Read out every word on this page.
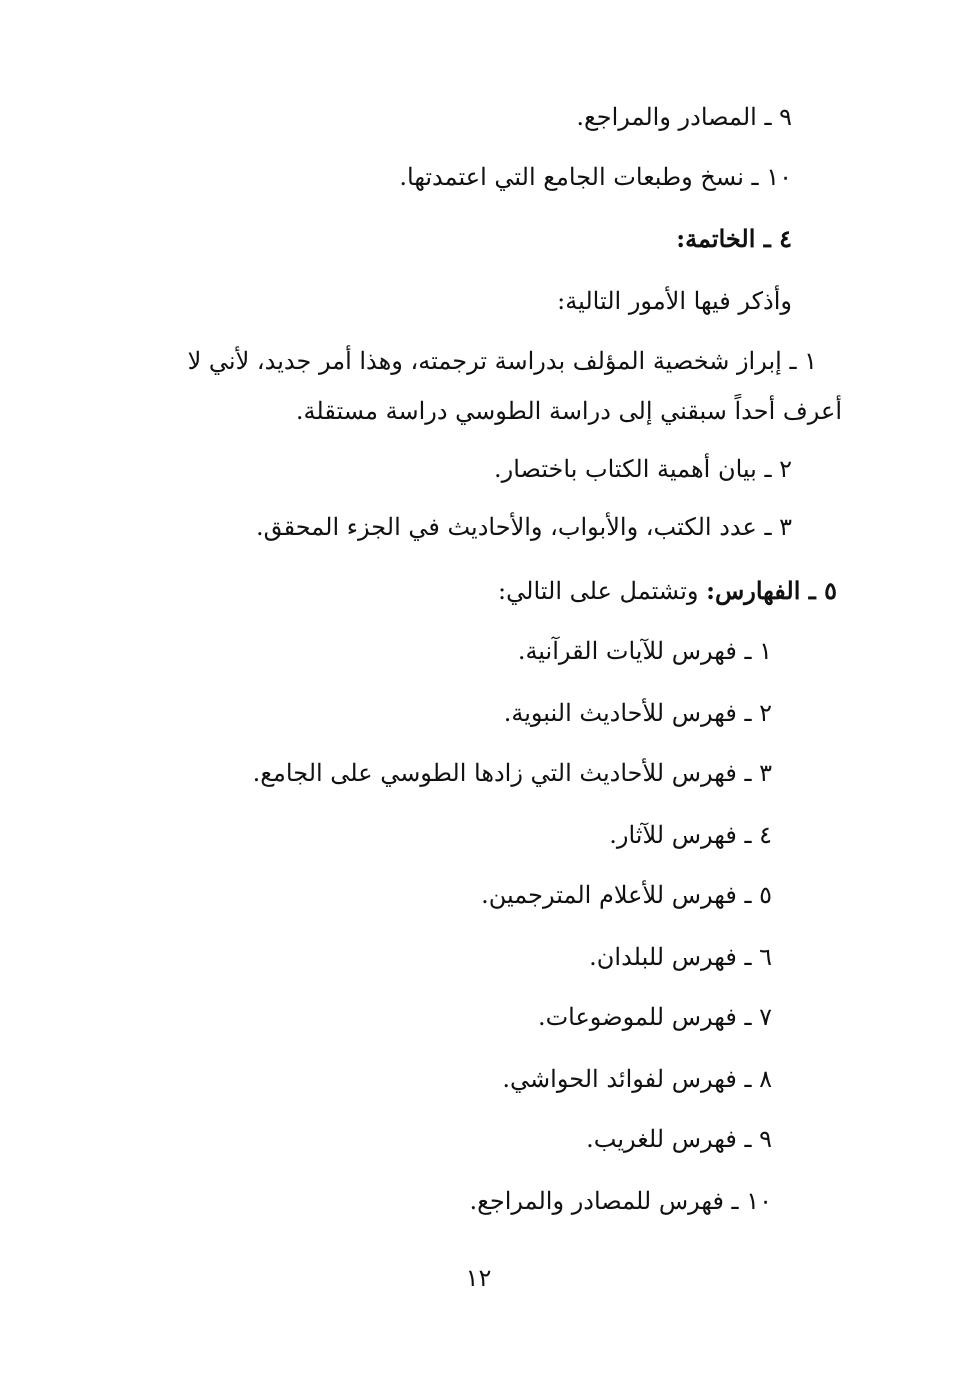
٩ ـ المصادر والمراجع.
١٠ ـ نسخ وطبعات الجامع التي اعتمدتها.
٤ ـ الخاتمة:
وأذكر فيها الأمور التالية:
١ ـ إبراز شخصية المؤلف بدراسة ترجمته، وهذا أمر جديد، لأني لا
أعرف أحداً سبقني إلى دراسة الطوسي دراسة مستقلة.
٢ ـ بيان أهمية الكتاب باختصار.
٣ ـ عدد الكتب، والأبواب، والأحاديث في الجزء المحقق.
٥ ـ الفهارس: وتشتمل على التالي:
١ ـ فهرس للآيات القرآنية.
٢ ـ فهرس للأحاديث النبوية.
٣ ـ فهرس للأحاديث التي زادها الطوسي على الجامع.
٤ ـ فهرس للآثار.
٥ ـ فهرس للأعلام المترجمين.
٦ ـ فهرس للبلدان.
٧ ـ فهرس للموضوعات.
٨ ـ فهرس لفوائد الحواشي.
٩ ـ فهرس للغريب.
١٠ ـ فهرس للمصادر والمراجع.
١٢
